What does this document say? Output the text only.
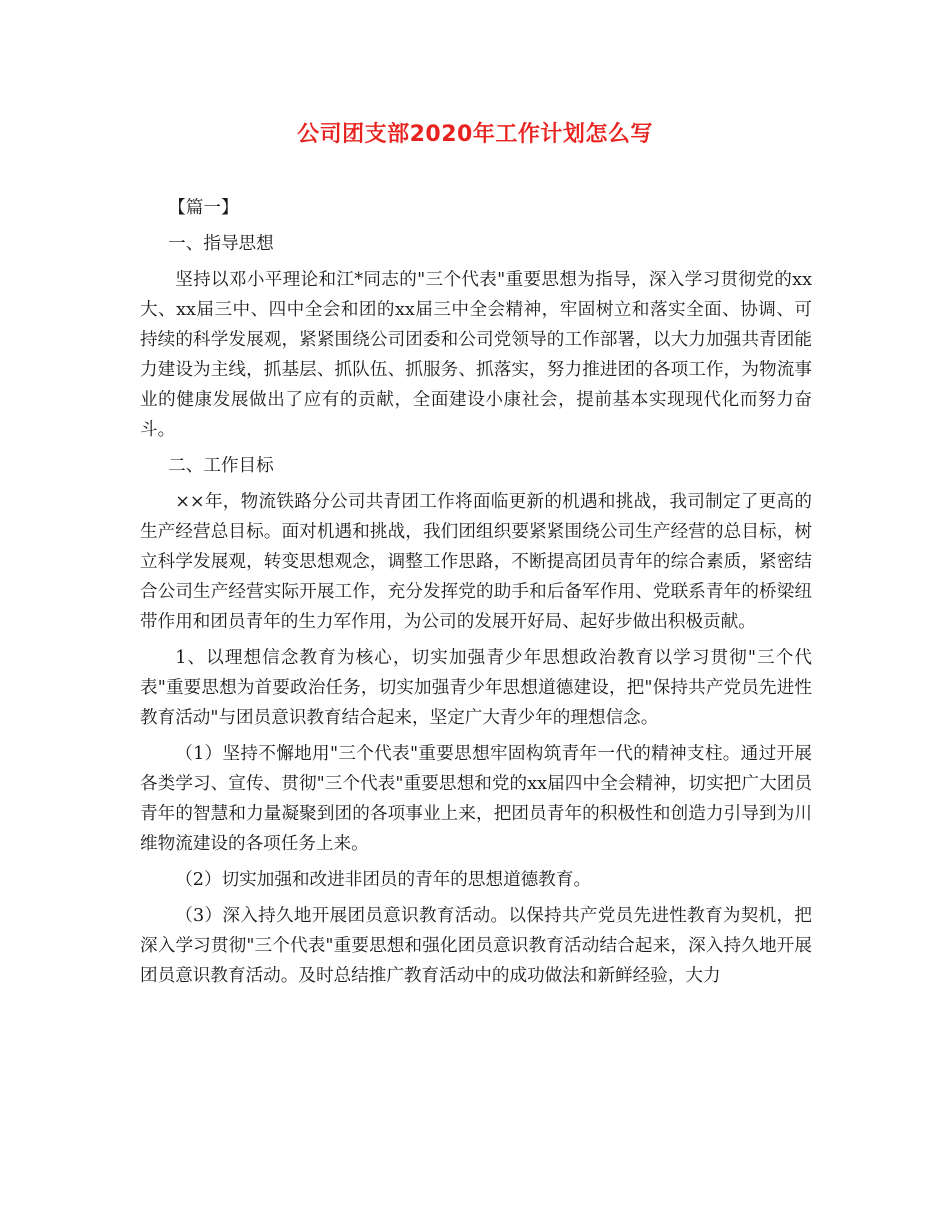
公司团支部2020年工作计划怎么写

【篇一】

一、指导思想

坚持以邓小平理论和江*同志的"三个代表"重要思想为指导，深入学习贯彻党的xx大、xx届三中、四中全会和团的xx届三中全会精神，牢固树立和落实全面、协调、可持续的科学发展观，紧紧围绕公司团委和公司党领导的工作部署，以大力加强共青团能力建设为主线，抓基层、抓队伍、抓服务、抓落实，努力推进团的各项工作，为物流事业的健康发展做出了应有的贡献，全面建设小康社会，提前基本实现现代化而努力奋斗。

二、工作目标

××年，物流铁路分公司共青团工作将面临更新的机遇和挑战，我司制定了更高的生产经营总目标。面对机遇和挑战，我们团组织要紧紧围绕公司生产经营的总目标，树立科学发展观，转变思想观念，调整工作思路，不断提高团员青年的综合素质，紧密结合公司生产经营实际开展工作，充分发挥党的助手和后备军作用、党联系青年的桥梁纽带作用和团员青年的生力军作用，为公司的发展开好局、起好步做出积极贡献。

1、以理想信念教育为核心，切实加强青少年思想政治教育以学习贯彻"三个代表"重要思想为首要政治任务，切实加强青少年思想道德建设，把"保持共产党员先进性教育活动"与团员意识教育结合起来，坚定广大青少年的理想信念。

（1）坚持不懈地用"三个代表"重要思想牢固构筑青年一代的精神支柱。通过开展各类学习、宣传、贯彻"三个代表"重要思想和党的xx届四中全会精神，切实把广大团员青年的智慧和力量凝聚到团的各项事业上来，把团员青年的积极性和创造力引导到为川维物流建设的各项任务上来。

（2）切实加强和改进非团员的青年的思想道德教育。

（3）深入持久地开展团员意识教育活动。以保持共产党员先进性教育为契机，把深入学习贯彻"三个代表"重要思想和强化团员意识教育活动结合起来，深入持久地开展团员意识教育活动。及时总结推广教育活动中的成功做法和新鲜经验，大力
